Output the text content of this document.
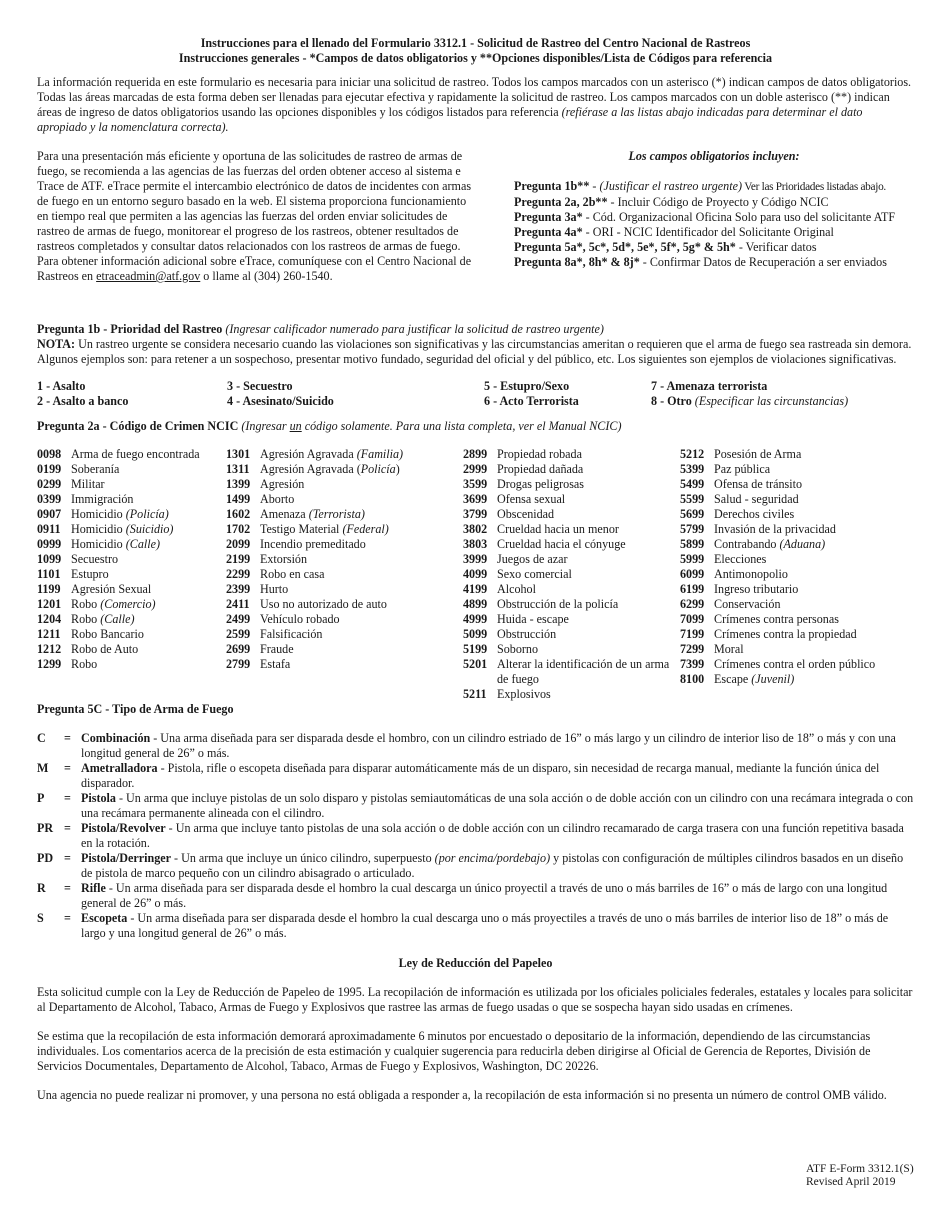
Instrucciones para el llenado del Formulario 3312.1 - Solicitud de Rastreo del Centro Nacional de Rastreos

Instrucciones generales - *Campos de datos obligatorios y **Opciones disponibles/Lista de Códigos para referencia

La información requerida en este formulario es necesaria para iniciar una solicitud de rastreo. Todos los campos marcados con un asterisco (*) indican campos de datos obligatorios. Todas las áreas marcadas de esta forma deben ser llenadas para ejecutar efectiva y rapidamente la solicitud de rastreo. Los campos marcados con un doble asterisco (**) indican áreas de ingreso de datos obligatorios usando las opciones disponibles y los códigos listados para referencia (refiérase a las listas abajo indicadas para determinar el dato apropiado y la nomenclatura correcta).

Para una presentación más eficiente y oportuna de las solicitudes de rastreo de armas de fuego, se recomienda a las agencias de las fuerzas del orden obtener acceso al sistema e Trace de ATF. eTrace permite el intercambio electrónico de datos de incidentes con armas de fuego en un entorno seguro basado en la web. El sistema proporciona funcionamiento en tiempo real que permiten a las agencias las fuerzas del orden enviar solicitudes de rastreo de armas de fuego, monitorear el progreso de los rastreos, obtener resultados de rastreos completados y consultar datos relacionados con los rastreos de armas de fuego. Para obtener información adicional sobre eTrace, comuníquese con el Centro Nacional de Rastreos en etraceadmin@atf.gov o llame al (304) 260-1540.
Los campos obligatorios incluyen:
Pregunta 1b** - (Justificar el rastreo urgente) Ver las Prioridades listadas abajo.
Pregunta 2a, 2b** - Incluir Código de Proyecto y Código NCIC
Pregunta 3a* - Cód. Organizacional Oficina Solo para uso del solicitante ATF
Pregunta 4a* - ORI - NCIC Identificador del Solicitante Original
Pregunta 5a*, 5c*, 5d*, 5e*, 5f*, 5g* & 5h* - Verificar datos
Pregunta 8a*, 8h* & 8j* - Confirmar Datos de Recuperación a ser enviados

Pregunta 1b - Prioridad del Rastreo (Ingresar calificador numerado para justificar la solicitud de rastreo urgente)

NOTA: Un rastreo urgente se considera necesario cuando las violaciones son significativas y las circumstancias ameritan o requieren que el arma de fuego sea rastreada sin demora. Algunos ejemplos son: para retener a un sospechoso, presentar motivo fundado, seguridad del oficial y del público, etc. Los siguientes son ejemplos de violaciones significativas.

1 - Asalto	3 - Secuestro	5 - Estupro/Sexo	7 - Amenaza terrorista
2 - Asalto a banco	4 - Asesinato/Suicido	6 - Acto Terrorista	8 - Otro (Especificar las circunstancias)

Pregunta 2a - Código de Crimen NCIC (Ingresar un código solamente. Para una lista completa, ver el Manual NCIC)

0098 Arma de fuego encontrada
0199 Soberanía
0299 Militar
0399 Immigración
0907 Homicidio (Policía)
0911 Homicidio (Suicidio)
0999 Homicidio (Calle)
1099 Secuestro
1101 Estupro
1199 Agresión Sexual
1201 Robo (Comercio)
1204 Robo (Calle)
1211 Robo Bancario
1212 Robo de Auto
1299 Robo
1301 Agresión Agravada (Familia)
1311 Agresión Agravada (Policía)
1399 Agresión
1499 Aborto
1602 Amenaza (Terrorista)
1702 Testigo Material (Federal)
2099 Incendio premeditado
2199 Extorsión
2299 Robo en casa
2399 Hurto
2411 Uso no autorizado de auto
2499 Vehículo robado
2599 Falsificación
2699 Fraude
2799 Estafa
2899 Propiedad robada
2999 Propiedad dañada
3599 Drogas peligrosas
3699 Ofensa sexual
3799 Obscenidad
3802 Crueldad hacia un menor
3803 Crueldad hacia el cónyuge
3999 Juegos de azar
4099 Sexo comercial
4199 Alcohol
4899 Obstrucción de la policía
4999 Huida - escape
5099 Obstrucción
5199 Soborno
5201 Alterar la identificación de un arma de fuego
5211 Explosivos
5212 Posesión de Arma
5399 Paz pública
5499 Ofensa de tránsito
5599 Salud - seguridad
5699 Derechos civiles
5799 Invasión de la privacidad
5899 Contrabando (Aduana)
5999 Elecciones
6099 Antimonopolio
6199 Ingreso tributario
6299 Conservación
7099 Crímenes contra personas
7199 Crímenes contra la propiedad
7299 Moral
7399 Crímenes contra el orden público
8100 Escape (Juvenil)

Pregunta 5C - Tipo de Arma de Fuego

C	= Combinación - Una arma diseñada para ser disparada desde el hombro, con un cilindro estriado de 16” o más largo y un cilindro de interior liso de 18” o más y con una longitud general de 26” o más.
M	= Ametralladora - Pistola, rifle o escopeta diseñada para disparar automáticamente más de un disparo, sin necesidad de recarga manual, mediante la función única del disparador.
P	= Pistola - Un arma que incluye pistolas de un solo disparo y pistolas semiautomáticas de una sola acción o de doble acción con un cilindro con una recámara integrada o con una recámara permanente alineada con el cilindro.
PR = Pistola/Revolver - Un arma que incluye tanto pistolas de una sola acción o de doble acción con un cilindro recamarado de carga trasera con una función repetitiva basada en la rotación.
PD = Pistola/Derringer - Un arma que incluye un único cilindro, superpuesto (por encima/pordebajo) y pistolas con configuración de múltiples cilindros basados en un diseño de pistola de marco pequeño con un cilindro abisagrado o articulado.
R	= Rifle - Un arma diseñada para ser disparada desde el hombro la cual descarga un único proyectil a través de uno o más barriles de 16” o más de largo con una longitud general de 26” o más.
S	= Escopeta - Un arma diseñada para ser disparada desde el hombro la cual descarga uno o más proyectiles a través de uno o más barriles de interior liso de 18” o más de largo y una longitud general de 26” o más.

Ley de Reducción del Papeleo

Esta solicitud cumple con la Ley de Reducción de Papeleo de 1995. La recopilación de información es utilizada por los oficiales policiales federales, estatales y locales para solicitar al Departamento de Alcohol, Tabaco, Armas de Fuego y Explosivos que rastree las armas de fuego usadas o que se sospecha hayan sido usadas en crímenes.

Se estima que la recopilación de esta información demorará aproximadamente 6 minutos por encuestado o depositario de la información, dependiendo de las circumstancias individuales. Los comentarios acerca de la precisión de esta estimación y cualquier sugerencia para reducirla deben dirigirse al Oficial de Gerencia de Reportes, División de Servicios Documentales, Departamento de Alcohol, Tabaco, Armas de Fuego y Explosivos, Washington, DC 20226.

Una agencia no puede realizar ni promover, y una persona no está obligada a responder a, la recopilación de esta información si no presenta un número de control OMB válido.

ATF E-Form 3312.1(S)
Revised April 2019
